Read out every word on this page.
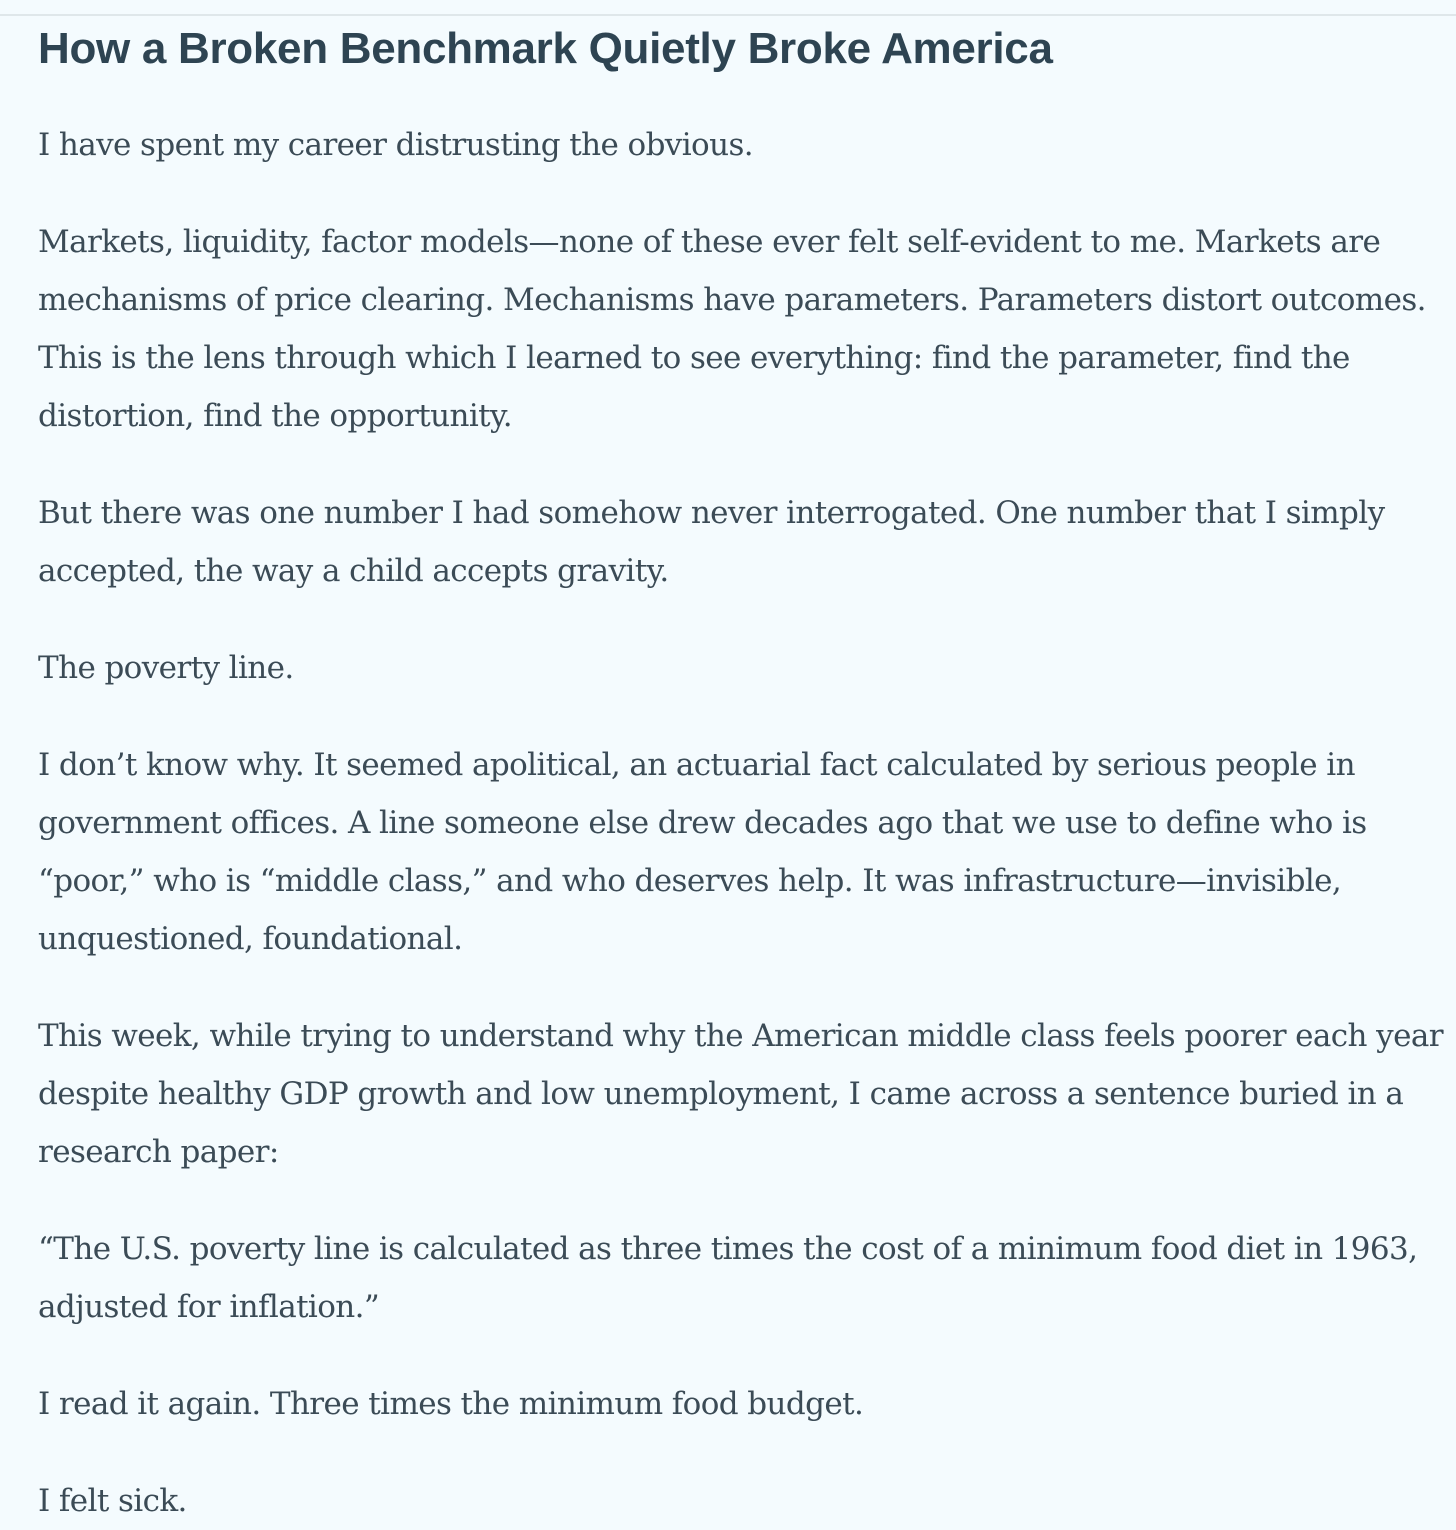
How a Broken Benchmark Quietly Broke America

I have spent my career distrusting the obvious.

Markets, liquidity, factor models—none of these ever felt self-evident to me. Markets are mechanisms of price clearing. Mechanisms have parameters. Parameters distort outcomes. This is the lens through which I learned to see everything: find the parameter, find the distortion, find the opportunity.

But there was one number I had somehow never interrogated. One number that I simply accepted, the way a child accepts gravity.

The poverty line.

I don’t know why. It seemed apolitical, an actuarial fact calculated by serious people in government offices. A line someone else drew decades ago that we use to define who is “poor,” who is “middle class,” and who deserves help. It was infrastructure—invisible, unquestioned, foundational.

This week, while trying to understand why the American middle class feels poorer each year despite healthy GDP growth and low unemployment, I came across a sentence buried in a research paper:

“The U.S. poverty line is calculated as three times the cost of a minimum food diet in 1963, adjusted for inflation.”

I read it again. Three times the minimum food budget.

I felt sick.
